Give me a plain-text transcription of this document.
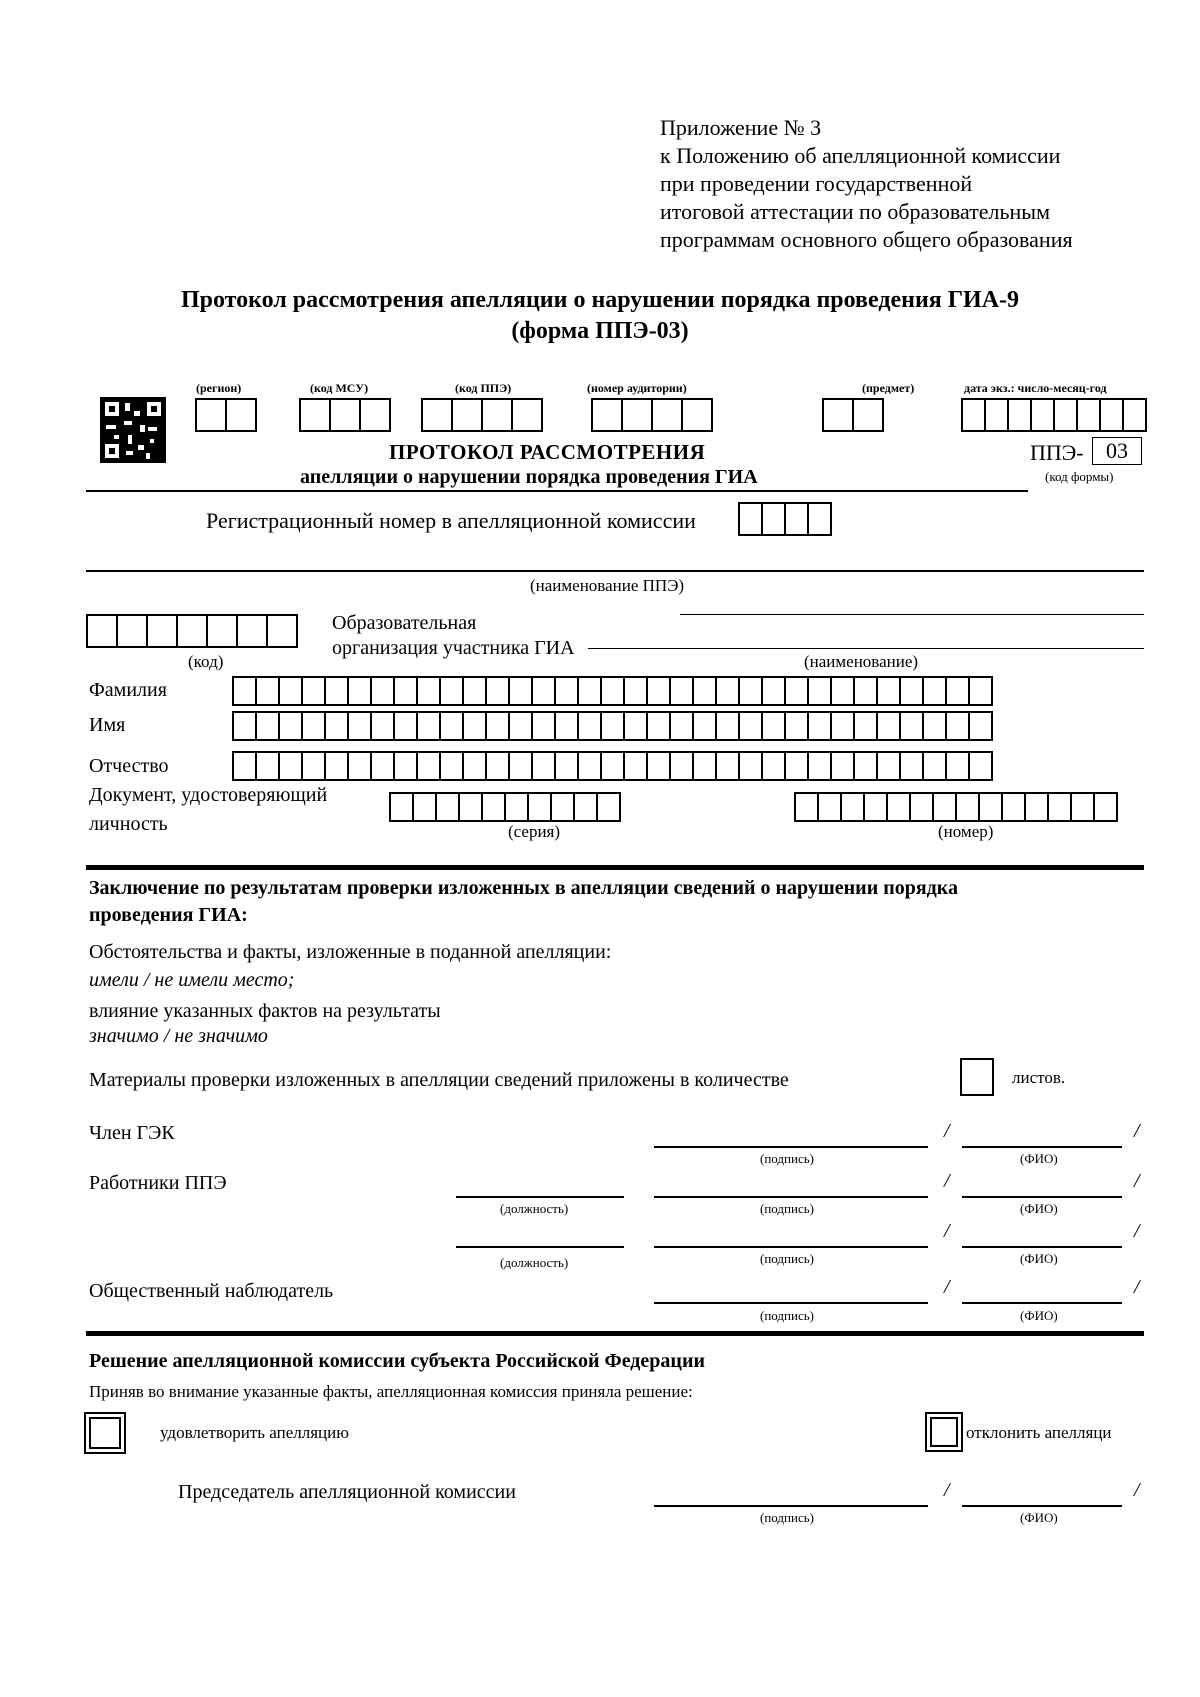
Приложение № 3
к Положению об апелляционной комиссии
при проведении государственной
итоговой аттестации по образовательным
программам основного общего образования
Протокол рассмотрения апелляции о нарушении порядка проведения ГИА-9
(форма ППЭ-03)
(регион)	(код МСУ)	(код ППЭ)	(номер аудитории)	(предмет)	дата экз.: число-месяц-год
ПРОТОКОЛ РАССМОТРЕНИЯ
апелляции о нарушении порядка проведения ГИА
ППЭ-	03
(код формы)
Регистрационный номер в апелляционной комиссии
(наименование ППЭ)
Образовательная
организация участника ГИА
(код)	(наименование)
Фамилия
Имя
Отчество
Документ, удостоверяющий
личность	(серия)	(номер)
Заключение по результатам проверки изложенных в апелляции сведений о нарушении порядка
проведения ГИА:
Обстоятельства и факты, изложенные в поданной апелляции:
имели / не имели место;
влияние указанных фактов на результаты
значимо / не значимо
Материалы проверки изложенных в апелляции сведений приложены в количестве	листов.
Член ГЭК	/	/
(подпись)	(ФИО)
Работники ППЭ	/	/
(должность)	(подпись)	(ФИО)
/	/
(должность)	(подпись)	(ФИО)
Общественный наблюдатель	/	/
(подпись)	(ФИО)
Решение апелляционной комиссии субъекта Российской Федерации
Приняв во внимание указанные факты, апелляционная комиссия приняла решение:
удовлетворить апелляцию	отклонить апелляци
Председатель апелляционной комиссии	/	/
(подпись)	(ФИО)
